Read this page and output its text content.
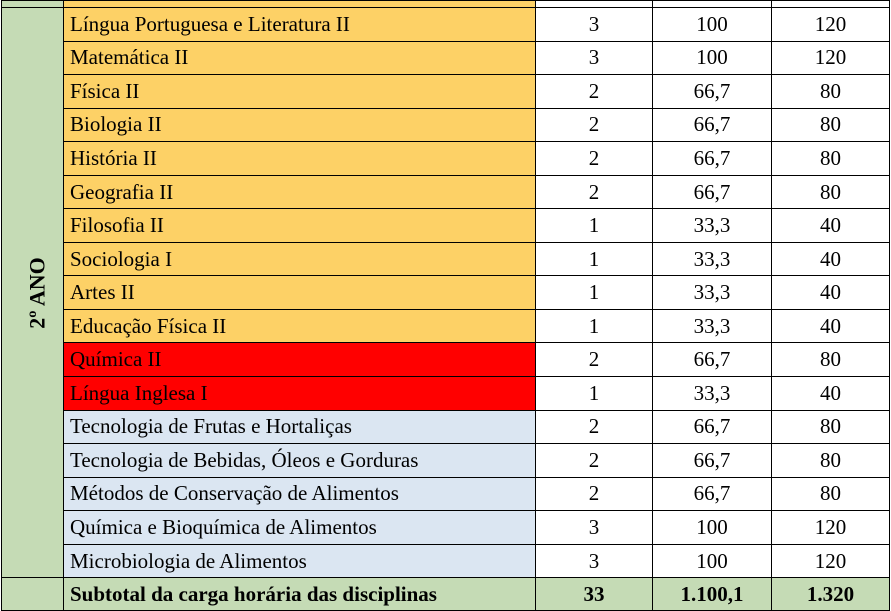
2º ANO	Língua Portuguesa e Literatura II	3	100	120
	Matemática II	3	100	120
	Física II	2	66,7	80
	Biologia II	2	66,7	80
	História II	2	66,7	80
	Geografia II	2	66,7	80
	Filosofia II	1	33,3	40
	Sociologia I	1	33,3	40
	Artes II	1	33,3	40
	Educação Física II	1	33,3	40
	Química II	2	66,7	80
	Língua Inglesa I	1	33,3	40
	Tecnologia de Frutas e Hortaliças	2	66,7	80
	Tecnologia de Bebidas, Óleos e Gorduras	2	66,7	80
	Métodos de Conservação de Alimentos	2	66,7	80
	Química e Bioquímica de Alimentos	3	100	120
	Microbiologia de Alimentos	3	100	120
	Subtotal da carga horária das disciplinas	33	1.100,1	1.320
